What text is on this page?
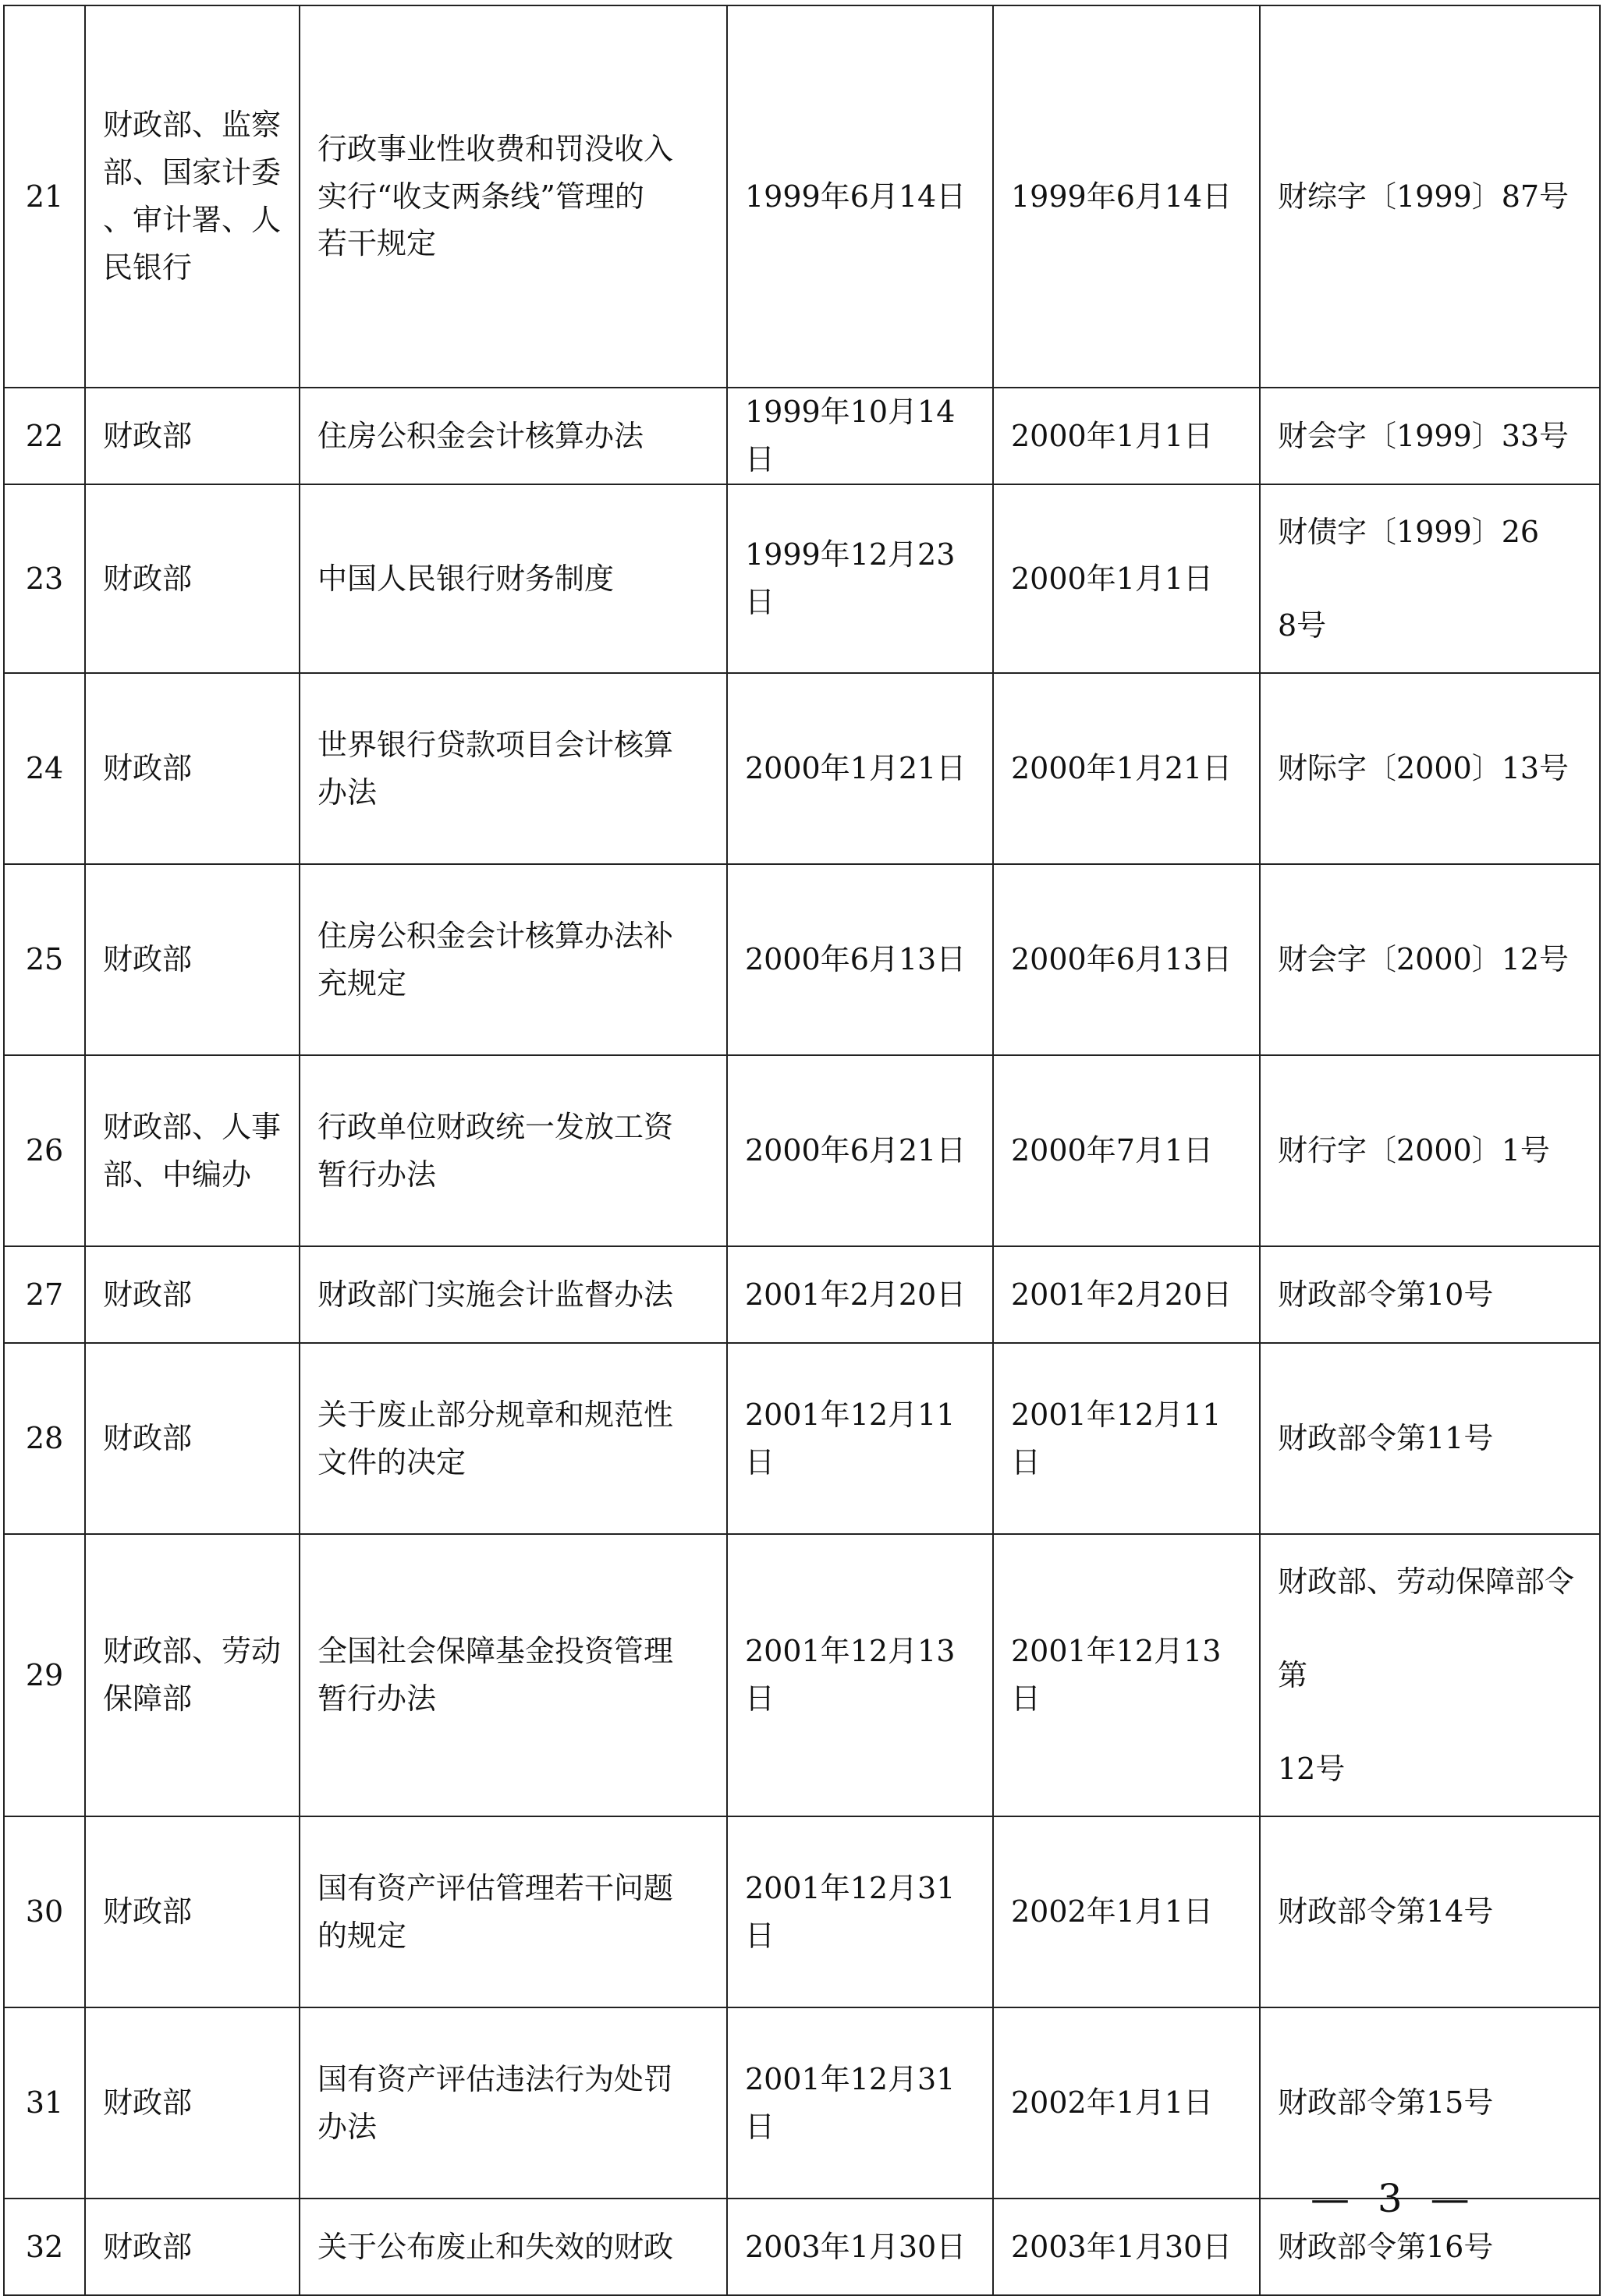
21	财政部、监察
部、国家计委
、审计署、人
民银行	行政事业性收费和罚没收入
实行“收支两条线”管理的
若干规定	1999年6月14日	1999年6月14日	财综字〔1999〕87号
22	财政部	住房公积金会计核算办法	1999年10月14日	2000年1月1日	财会字〔1999〕33号
23	财政部	中国人民银行财务制度	1999年12月23日	2000年1月1日	财债字〔1999〕26
8号
24	财政部	世界银行贷款项目会计核算
办法	2000年1月21日	2000年1月21日	财际字〔2000〕13号
25	财政部	住房公积金会计核算办法补
充规定	2000年6月13日	2000年6月13日	财会字〔2000〕12号
26	财政部、人事
部、中编办	行政单位财政统一发放工资
暂行办法	2000年6月21日	2000年7月1日	财行字〔2000〕1号
27	财政部	财政部门实施会计监督办法	2001年2月20日	2001年2月20日	财政部令第10号
28	财政部	关于废止部分规章和规范性
文件的决定	2001年12月11日	2001年12月11日	财政部令第11号
29	财政部、劳动
保障部	全国社会保障基金投资管理
暂行办法	2001年12月13日	2001年12月13日	财政部、劳动保障部令第
12号
30	财政部	国有资产评估管理若干问题
的规定	2001年12月31日	2002年1月1日	财政部令第14号
31	财政部	国有资产评估违法行为处罚
办法	2001年12月31日	2002年1月1日	财政部令第15号
32	财政部	关于公布废止和失效的财政	2003年1月30日	2003年1月30日	财政部令第16号
— 3 —
